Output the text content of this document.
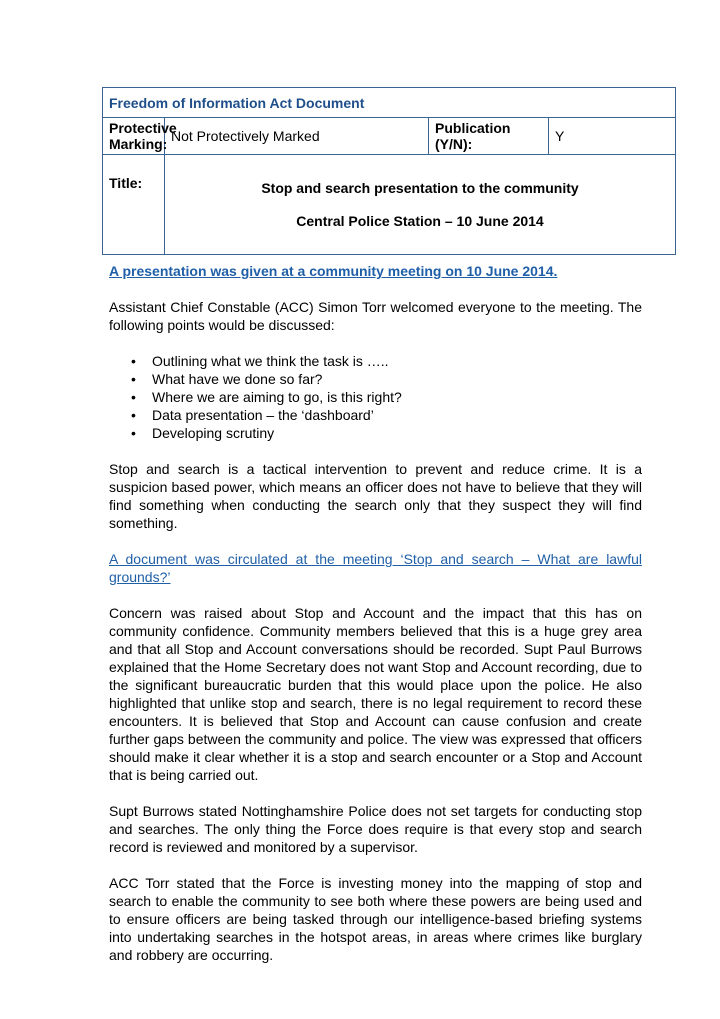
Freedom of Information Act Document			
Protective Marking:	Not Protectively Marked	Publication (Y/N):	Y
Title:	Stop and search presentation to the community
Central Police Station – 10 June 2014		

A presentation was given at a community meeting on 10 June 2014.

Assistant Chief Constable (ACC) Simon Torr welcomed everyone to the meeting. The following points would be discussed:

• Outlining what we think the task is …..
• What have we done so far?
• Where we are aiming to go, is this right?
• Data presentation – the ‘dashboard’
• Developing scrutiny

Stop and search is a tactical intervention to prevent and reduce crime. It is a suspicion based power, which means an officer does not have to believe that they will find something when conducting the search only that they suspect they will find something.

A document was circulated at the meeting ‘Stop and search – What are lawful grounds?’

Concern was raised about Stop and Account and the impact that this has on community confidence. Community members believed that this is a huge grey area and that all Stop and Account conversations should be recorded. Supt Paul Burrows explained that the Home Secretary does not want Stop and Account recording, due to the significant bureaucratic burden that this would place upon the police. He also highlighted that unlike stop and search, there is no legal requirement to record these encounters. It is believed that Stop and Account can cause confusion and create further gaps between the community and police. The view was expressed that officers should make it clear whether it is a stop and search encounter or a Stop and Account that is being carried out.

Supt Burrows stated Nottinghamshire Police does not set targets for conducting stop and searches. The only thing the Force does require is that every stop and search record is reviewed and monitored by a supervisor.

ACC Torr stated that the Force is investing money into the mapping of stop and search to enable the community to see both where these powers are being used and to ensure officers are being tasked through our intelligence-based briefing systems into undertaking searches in the hotspot areas, in areas where crimes like burglary and robbery are occurring.
